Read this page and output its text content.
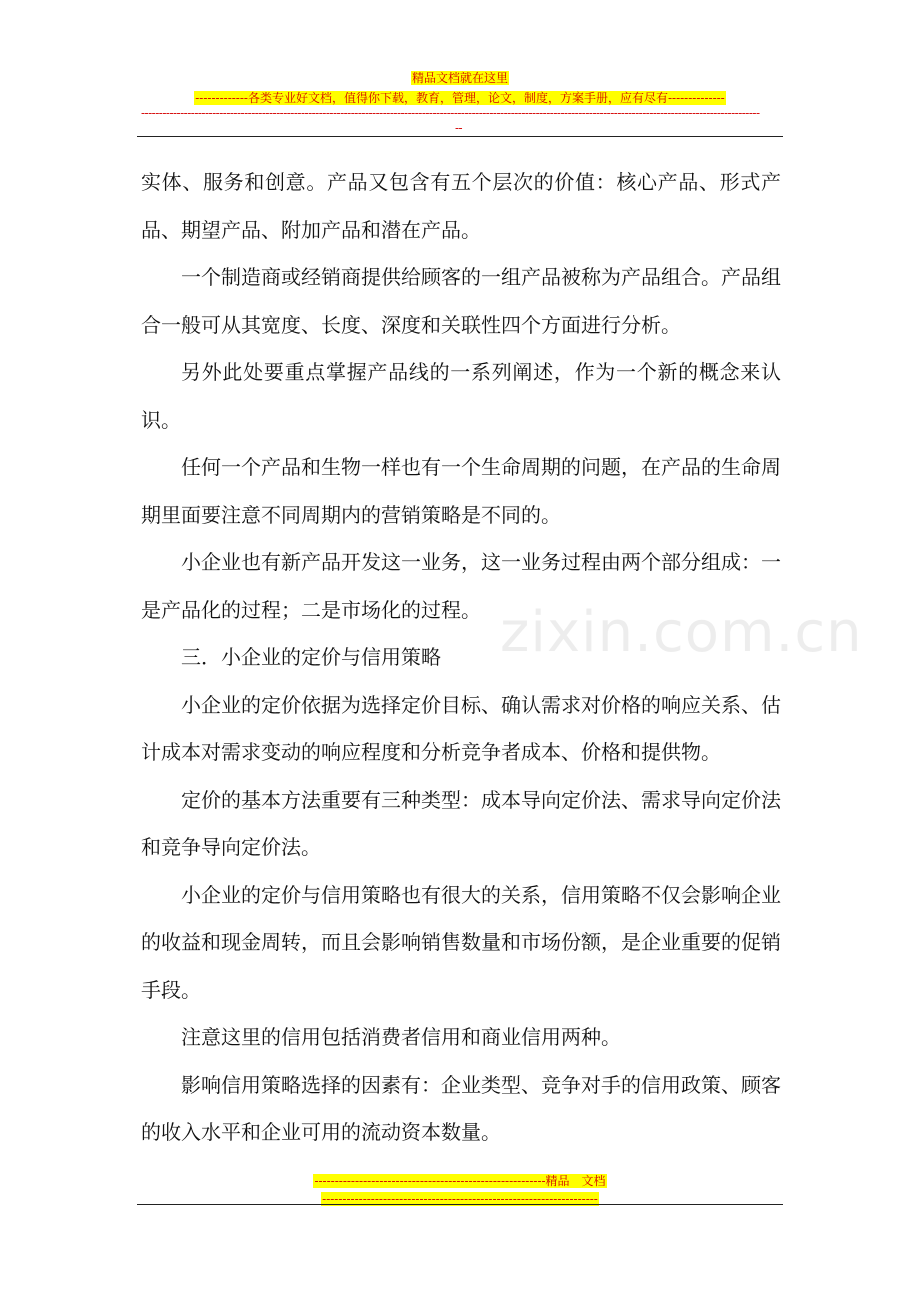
精品文档就在这里
-------------各类专业好文档，值得你下载，教育，管理，论文，制度，方案手册，应有尽有--------------
------------------------------------------------------------------------------------------------------------------------------------------------------------------------------
--
zixin.com.cn

实体、服务和创意。产品又包含有五个层次的价值：核心产品、形式产品、期望产品、附加产品和潜在产品。

一个制造商或经销商提供给顾客的一组产品被称为产品组合。产品组合一般可从其宽度、长度、深度和关联性四个方面进行分析。

另外此处要重点掌握产品线的一系列阐述，作为一个新的概念来认识。

任何一个产品和生物一样也有一个生命周期的问题，在产品的生命周期里面要注意不同周期内的营销策略是不同的。

小企业也有新产品开发这一业务，这一业务过程由两个部分组成：一是产品化的过程；二是市场化的过程。

三．小企业的定价与信用策略

小企业的定价依据为选择定价目标、确认需求对价格的响应关系、估计成本对需求变动的响应程度和分析竞争者成本、价格和提供物。

定价的基本方法重要有三种类型：成本导向定价法、需求导向定价法和竞争导向定价法。

小企业的定价与信用策略也有很大的关系，信用策略不仅会影响企业的收益和现金周转，而且会影响销售数量和市场份额，是企业重要的促销手段。

注意这里的信用包括消费者信用和商业信用两种。

影响信用策略选择的因素有：企业类型、竞争对手的信用政策、顾客的收入水平和企业可用的流动资本数量。

---------------------------------------------------------精品　文档
--------------------------------------------------------------------
